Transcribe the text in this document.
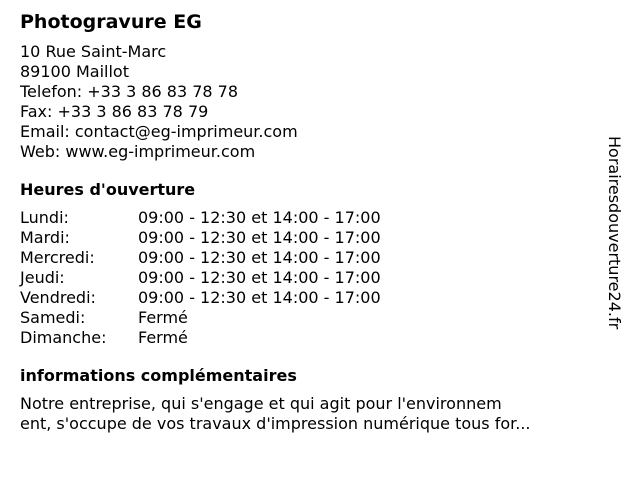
Photogravure EG
10 Rue Saint-Marc
89100 Maillot
Telefon: +33 3 86 83 78 78
Fax: +33 3 86 83 78 79
Email: contact@eg-imprimeur.com
Web: www.eg-imprimeur.com
Heures d'ouverture
Lundi:	09:00 - 12:30 et 14:00 - 17:00
Mardi:	09:00 - 12:30 et 14:00 - 17:00
Mercredi:	09:00 - 12:30 et 14:00 - 17:00
Jeudi:	09:00 - 12:30 et 14:00 - 17:00
Vendredi:	09:00 - 12:30 et 14:00 - 17:00
Samedi:	Fermé
Dimanche:	Fermé
informations complémentaires
Notre entreprise, qui s'engage et qui agit pour l'environnem
ent, s'occupe de vos travaux d'impression numérique tous for...
Horairesdouverture24.fr
